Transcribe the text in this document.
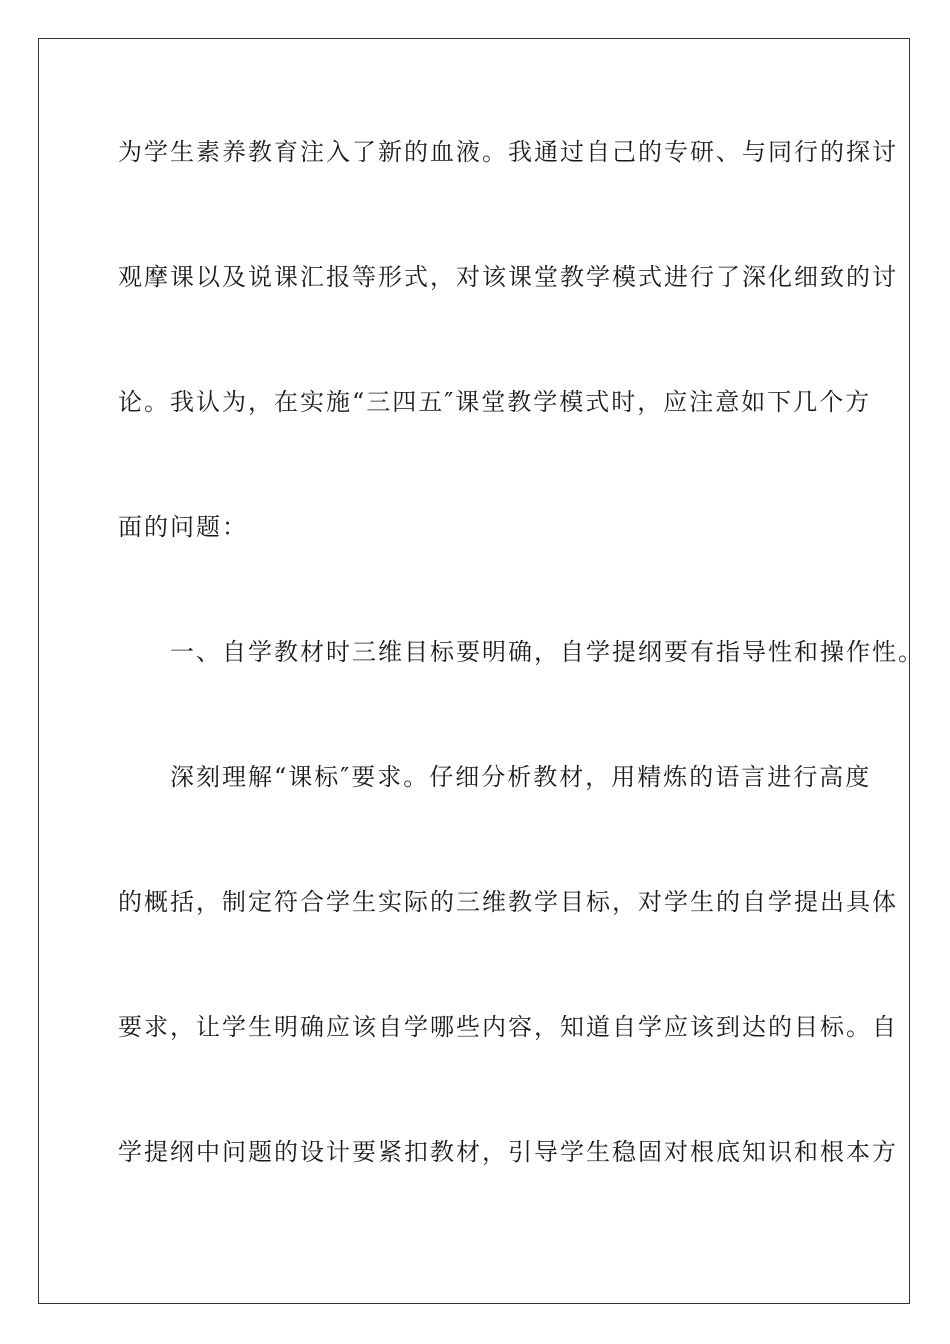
为学生素养教育注入了新的血液。我通过自己的专研、与同行的探讨
观摩课以及说课汇报等形式，对该课堂教学模式进行了深化细致的讨
论。我认为，在实施“三四五″课堂教学模式时，应注意如下几个方
面的问题：
　　一、自学教材时三维目标要明确，自学提纲要有指导性和操作性。
　　深刻理解“课标″要求。仔细分析教材，用精炼的语言进行高度
的概括，制定符合学生实际的三维教学目标，对学生的自学提出具体
要求，让学生明确应该自学哪些内容，知道自学应该到达的目标。自
学提纲中问题的设计要紧扣教材，引导学生稳固对根底知识和根本方
